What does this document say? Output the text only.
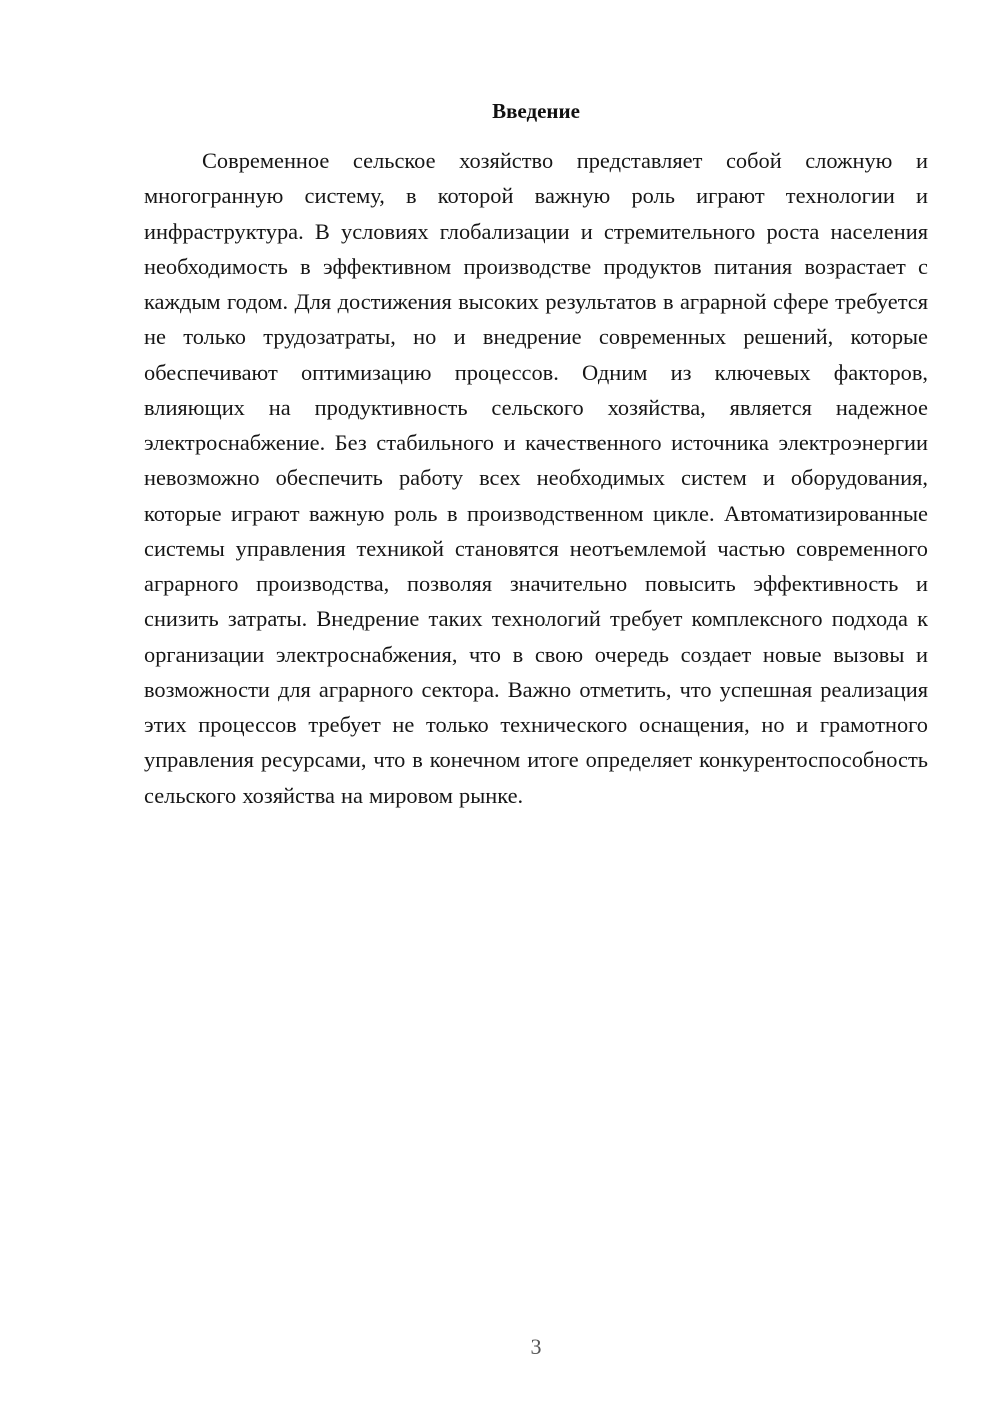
Введение

Современное сельское хозяйство представляет собой сложную и многогранную систему, в которой важную роль играют технологии и инфраструктура. В условиях глобализации и стремительного роста населения необходимость в эффективном производстве продуктов питания возрастает с каждым годом. Для достижения высоких результатов в аграрной сфере требуется не только трудозатраты, но и внедрение современных решений, которые обеспечивают оптимизацию процессов. Одним из ключевых факторов, влияющих на продуктивность сельского хозяйства, является надежное электроснабжение. Без стабильного и качественного источника электроэнергии невозможно обеспечить работу всех необходимых систем и оборудования, которые играют важную роль в производственном цикле. Автоматизированные системы управления техникой становятся неотъемлемой частью современного аграрного производства, позволяя значительно повысить эффективность и снизить затраты. Внедрение таких технологий требует комплексного подхода к организации электроснабжения, что в свою очередь создает новые вызовы и возможности для аграрного сектора. Важно отметить, что успешная реализация этих процессов требует не только технического оснащения, но и грамотного управления ресурсами, что в конечном итоге определяет конкурентоспособность сельского хозяйства на мировом рынке.

3
